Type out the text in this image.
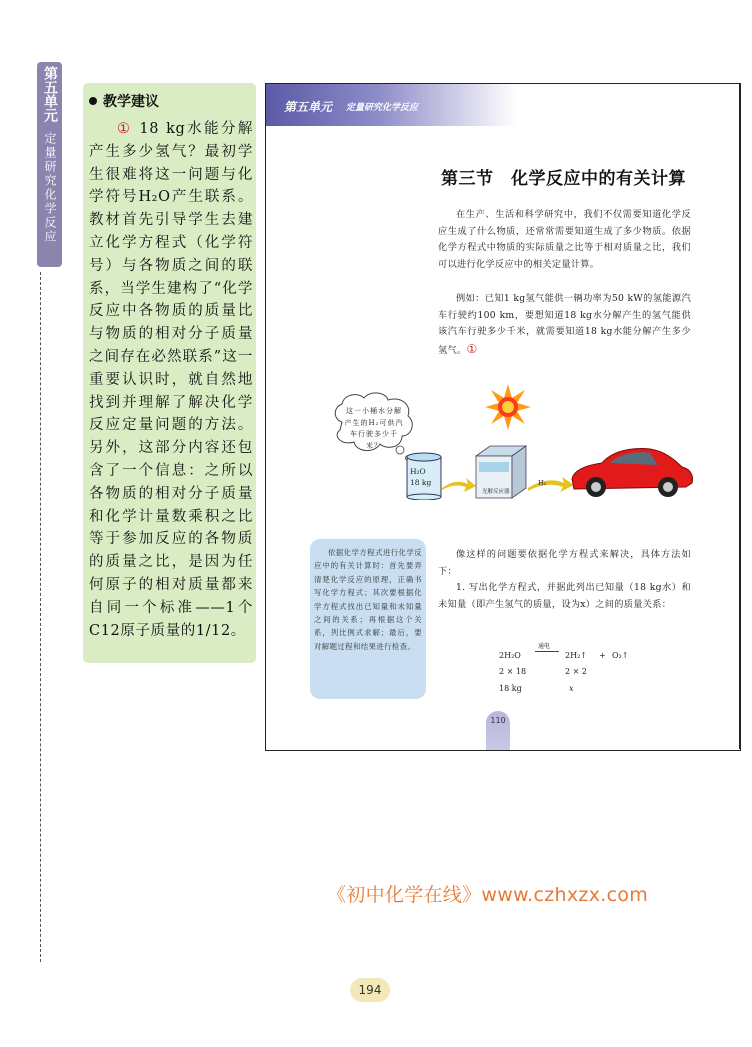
第五单元
定量研究化学反应
教学建议
① 18 kg水能分解产生多少氢气？最初学生很难将这一问题与化学符号H₂O产生联系。教材首先引导学生去建立化学方程式（化学符号）与各物质之间的联系，当学生建构了“化学反应中各物质的质量比与物质的相对分子质量之间存在必然联系”这一重要认识时，就自然地找到并理解了解决化学反应定量问题的方法。另外，这部分内容还包含了一个信息：之所以各物质的相对分子质量和化学计量数乘积之比等于参加反应的各物质的质量之比，是因为任何原子的相对质量都来自同一个标准——1个C12原子质量的1/12。
第五单元 定量研究化学反应
第三节　化学反应中的有关计算
在生产、生活和科学研究中，我们不仅需要知道化学反应生成了什么物质，还常常需要知道生成了多少物质。依据化学方程式中物质的实际质量之比等于相对质量之比，我们可以进行化学反应中的相关定量计算。
例如：已知1 kg氢气能供一辆功率为50 kW的氢能源汽车行驶约100 km，要想知道18 kg水分解产生的氢气能供该汽车行驶多少千米，就需要知道18 kg水能分解产生多少氢气。①
这一小桶水分解产生的H₂可供汽车行驶多少千米？
H₂O
18 kg
光解反应器
H₂
依据化学方程式进行化学反应中的有关计算时：首先要弄清楚化学反应的原理，正确书写化学方程式；其次要根据化学方程式找出已知量和未知量之间的关系；再根据这个关系，列比例式求解；最后，要对解题过程和结果进行检查。
像这样的问题要依据化学方程式来解决，具体方法如下：
1. 写出化学方程式，并据此列出已知量（18 kg水）和未知量（即产生氢气的质量，设为x）之间的质量关系：
2H₂O
通电
2H₂↑ + O₂↑
2 × 18	2 × 2
18 kg	x
110
《初中化学在线》www.czhxzx.com
194
